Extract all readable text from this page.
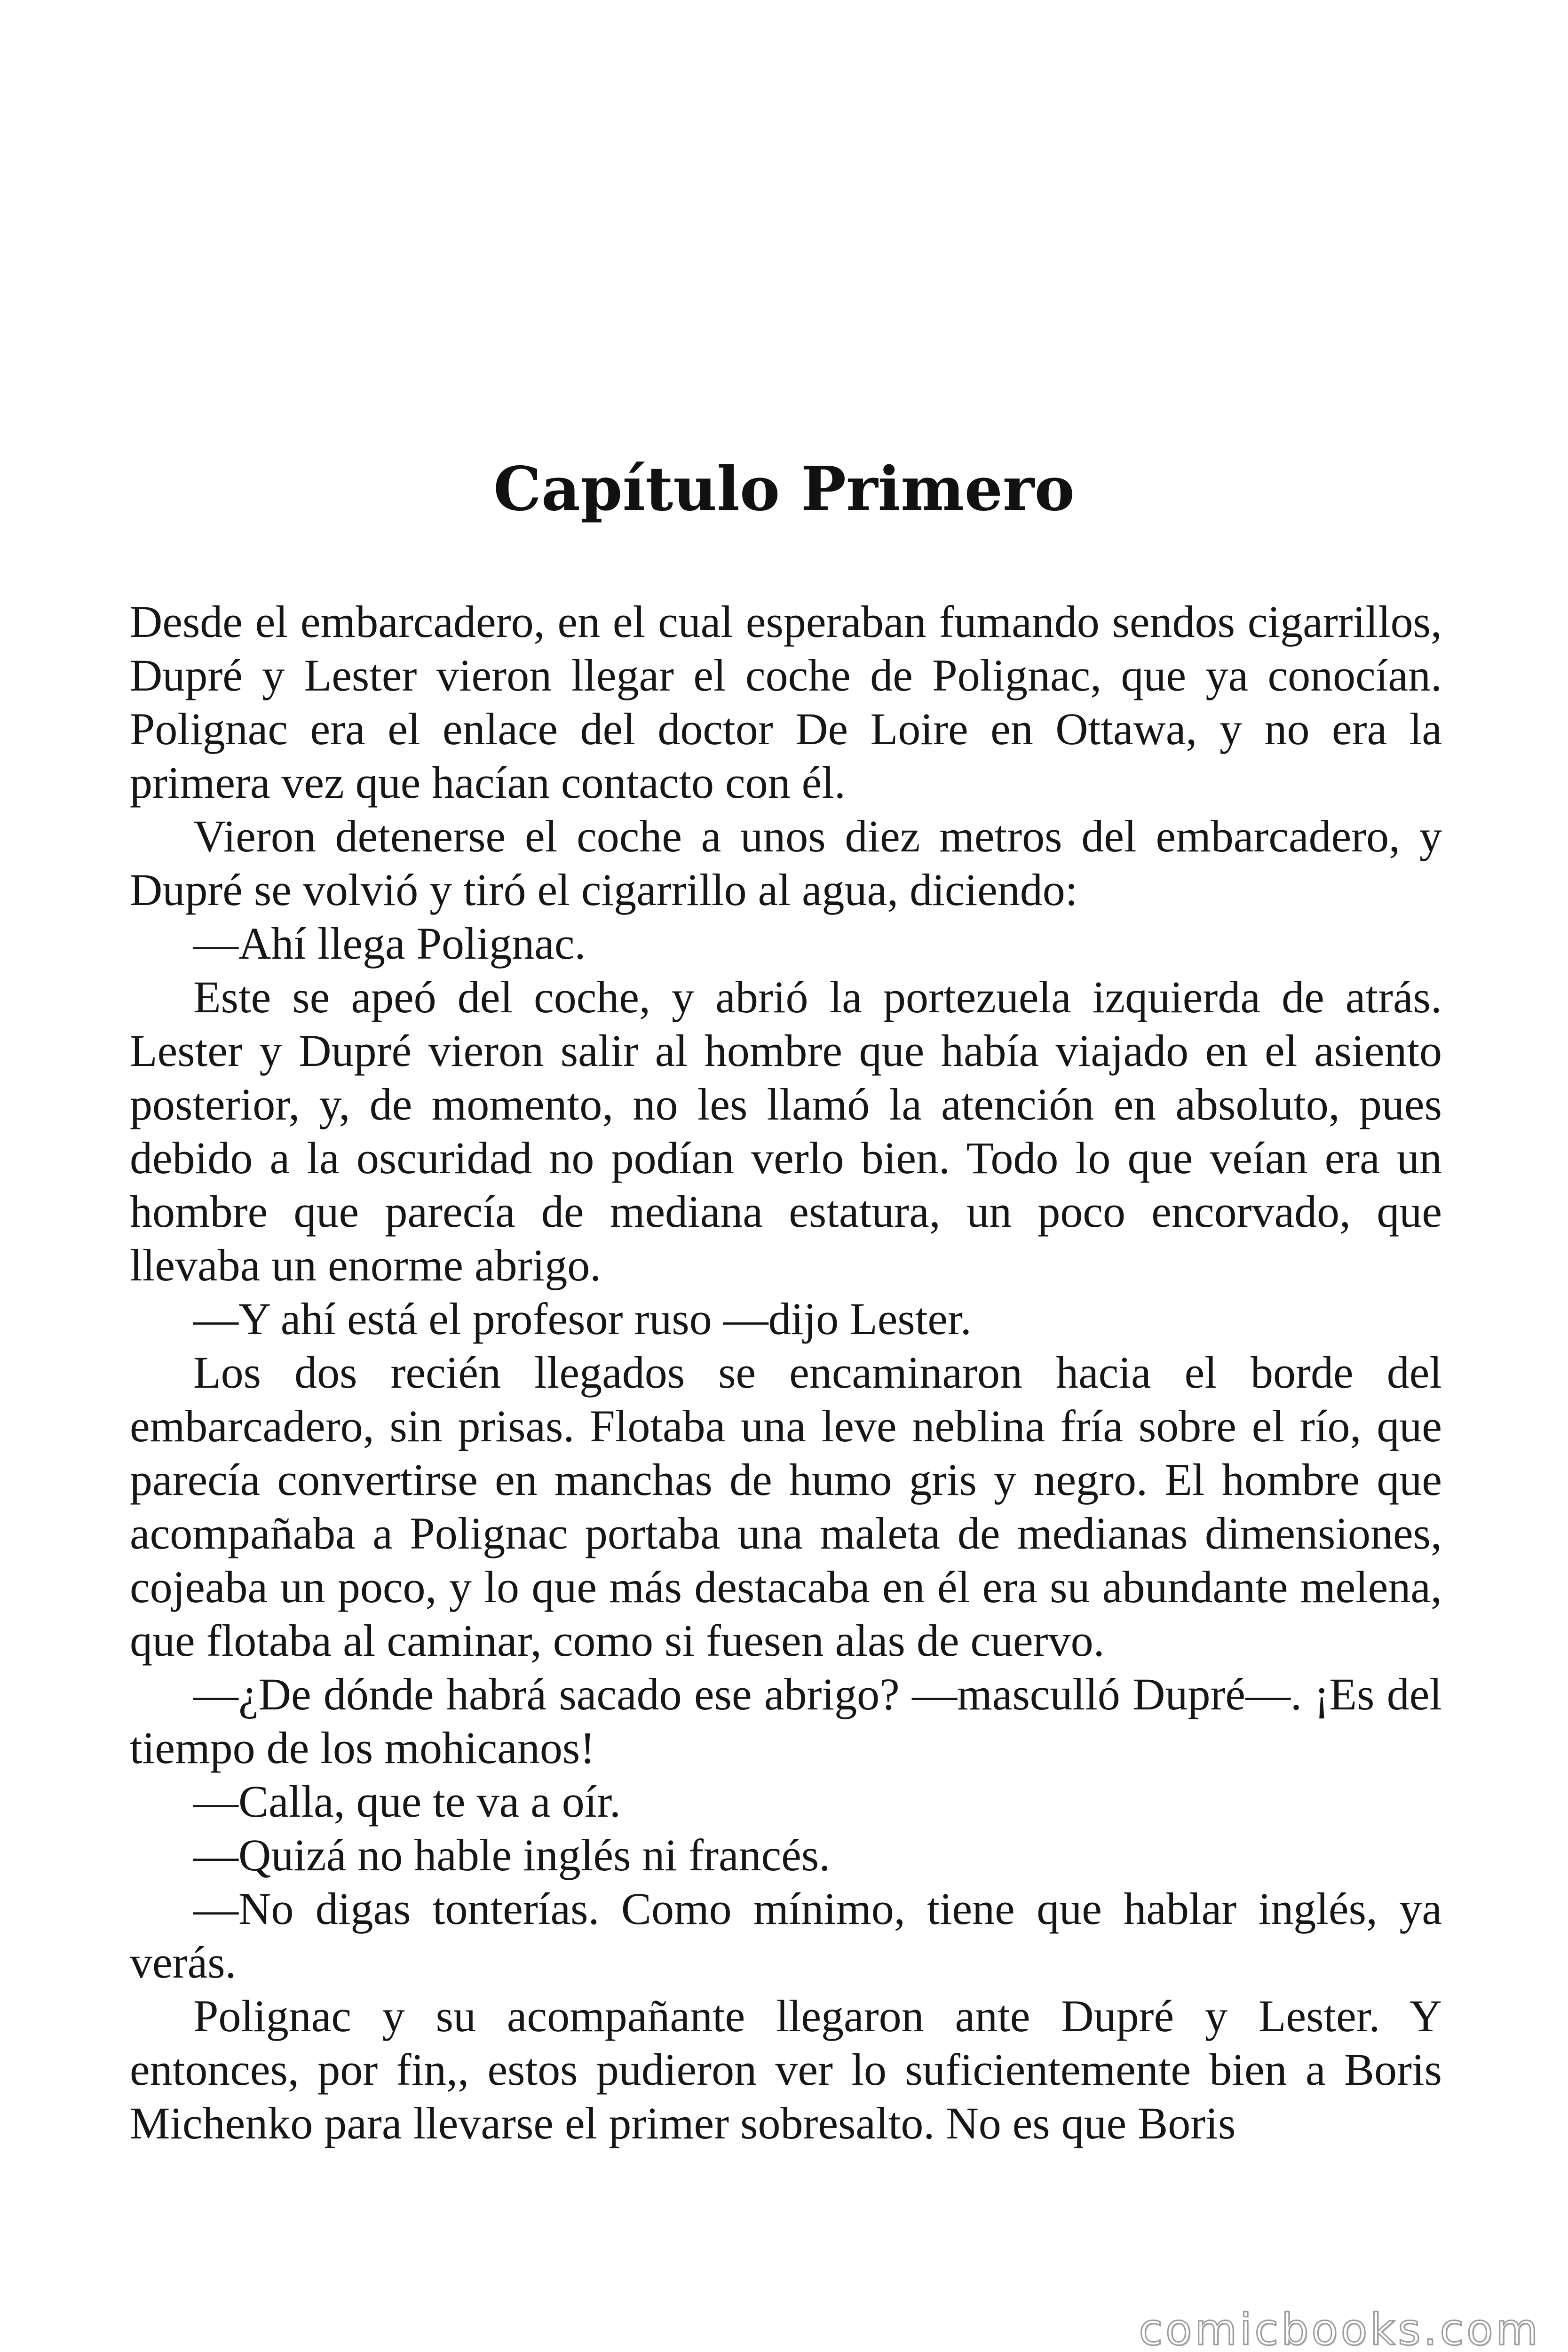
Capítulo Primero

Desde el embarcadero, en el cual esperaban fumando sendos cigarrillos, Dupré y Lester vieron llegar el coche de Polignac, que ya conocían. Polignac era el enlace del doctor De Loire en Ottawa, y no era la primera vez que hacían contacto con él.

Vieron detenerse el coche a unos diez metros del embarcadero, y Dupré se volvió y tiró el cigarrillo al agua, diciendo:

—Ahí llega Polignac.

Este se apeó del coche, y abrió la portezuela izquierda de atrás. Lester y Dupré vieron salir al hombre que había viajado en el asiento posterior, y, de momento, no les llamó la atención en absoluto, pues debido a la oscuridad no podían verlo bien. Todo lo que veían era un hombre que parecía de mediana estatura, un poco encorvado, que llevaba un enorme abrigo.

—Y ahí está el profesor ruso —dijo Lester.

Los dos recién llegados se encaminaron hacia el borde del embarcadero, sin prisas. Flotaba una leve neblina fría sobre el río, que parecía convertirse en manchas de humo gris y negro. El hombre que acompañaba a Polignac portaba una maleta de medianas dimensiones, cojeaba un poco, y lo que más destacaba en él era su abundante melena, que flotaba al caminar, como si fuesen alas de cuervo.

—¿De dónde habrá sacado ese abrigo? —masculló Dupré—. ¡Es del tiempo de los mohicanos!

—Calla, que te va a oír.

—Quizá no hable inglés ni francés.

—No digas tonterías. Como mínimo, tiene que hablar inglés, ya verás.

Polignac y su acompañante llegaron ante Dupré y Lester. Y entonces, por fin,, estos pudieron ver lo suficientemente bien a Boris Michenko para llevarse el primer sobresalto. No es que Boris

comicbooks.com
